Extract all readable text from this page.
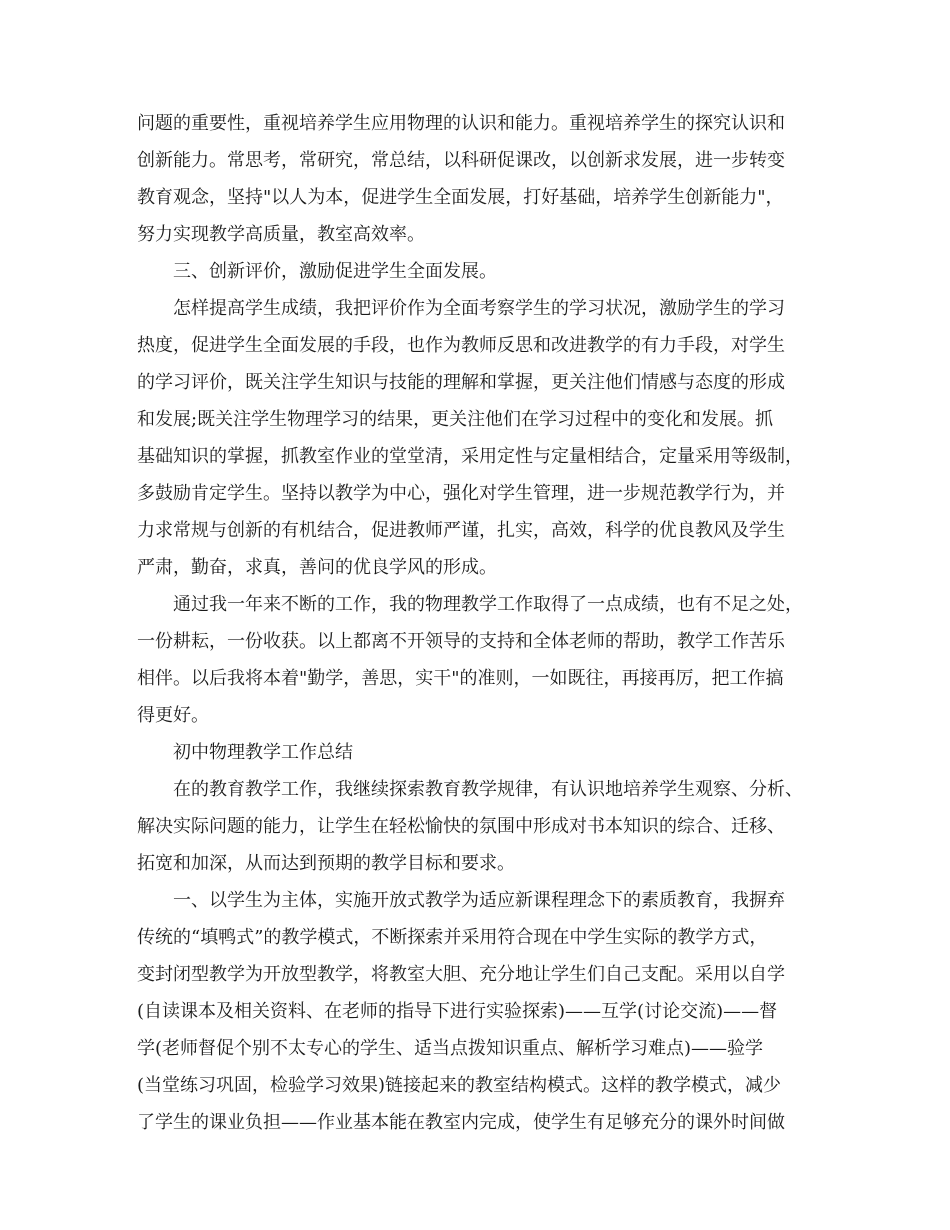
问题的重要性，重视培养学生应用物理的认识和能力。重视培养学生的探究认识和
创新能力。常思考，常研究，常总结，以科研促课改，以创新求发展，进一步转变
教育观念，坚持"以人为本，促进学生全面发展，打好基础，培养学生创新能力"，
努力实现教学高质量，教室高效率。
三、创新评价，激励促进学生全面发展。
怎样提高学生成绩，我把评价作为全面考察学生的学习状况，激励学生的学习
热度，促进学生全面发展的手段，也作为教师反思和改进教学的有力手段，对学生
的学习评价，既关注学生知识与技能的理解和掌握，更关注他们情感与态度的形成
和发展;既关注学生物理学习的结果，更关注他们在学习过程中的变化和发展。抓
基础知识的掌握，抓教室作业的堂堂清，采用定性与定量相结合，定量采用等级制，
多鼓励肯定学生。坚持以教学为中心，强化对学生管理，进一步规范教学行为，并
力求常规与创新的有机结合，促进教师严谨，扎实，高效，科学的优良教风及学生
严肃，勤奋，求真，善问的优良学风的形成。
通过我一年来不断的工作，我的物理教学工作取得了一点成绩，也有不足之处，
一份耕耘，一份收获。以上都离不开领导的支持和全体老师的帮助，教学工作苦乐
相伴。以后我将本着"勤学，善思，实干"的准则，一如既往，再接再厉，把工作搞
得更好。
初中物理教学工作总结
在的教育教学工作，我继续探索教育教学规律，有认识地培养学生观察、分析、
解决实际问题的能力，让学生在轻松愉快的氛围中形成对书本知识的综合、迁移、
拓宽和加深，从而达到预期的教学目标和要求。
一、以学生为主体，实施开放式教学为适应新课程理念下的素质教育，我摒弃
传统的“填鸭式”的教学模式，不断探索并采用符合现在中学生实际的教学方式，
变封闭型教学为开放型教学，将教室大胆、充分地让学生们自己支配。采用以自学
(自读课本及相关资料、在老师的指导下进行实验探索)——互学(讨论交流)——督
学(老师督促个别不太专心的学生、适当点拨知识重点、解析学习难点)——验学
(当堂练习巩固，检验学习效果)链接起来的教室结构模式。这样的教学模式，减少
了学生的课业负担——作业基本能在教室内完成，使学生有足够充分的课外时间做
